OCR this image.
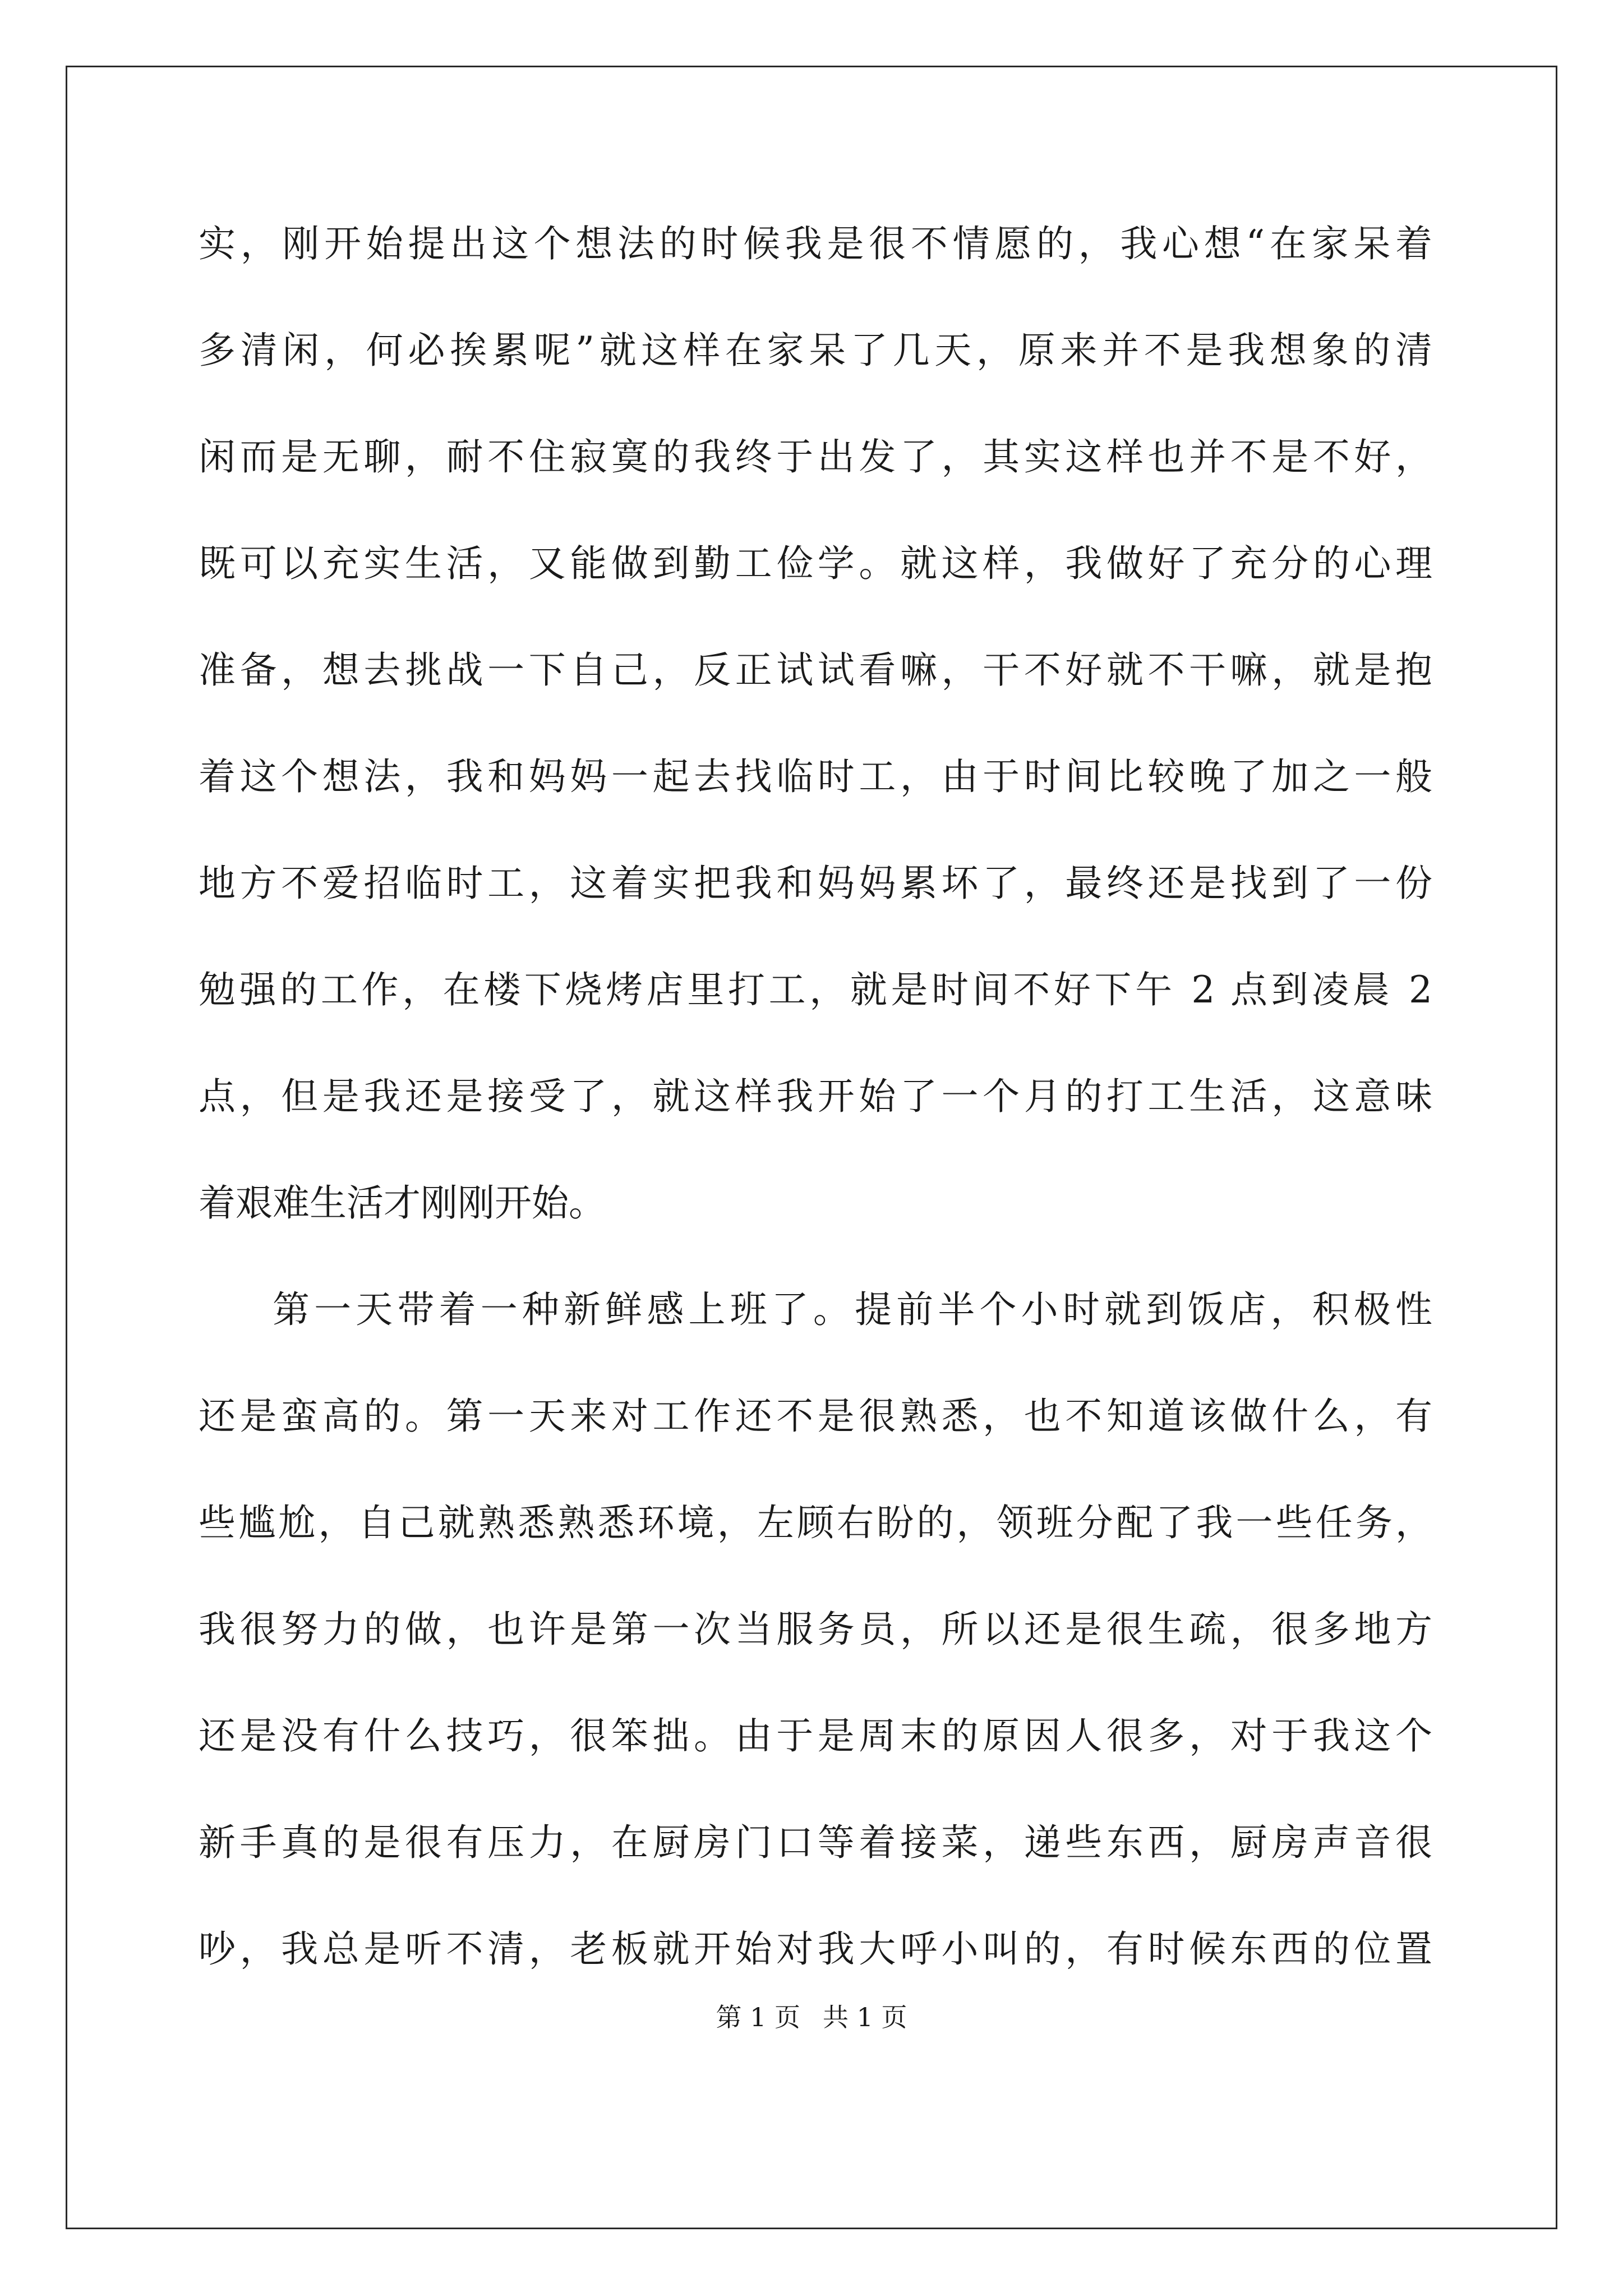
实，刚开始提出这个想法的时候我是很不情愿的，我心想“在家呆着
多清闲，何必挨累呢”就这样在家呆了几天，原来并不是我想象的清
闲而是无聊，耐不住寂寞的我终于出发了，其实这样也并不是不好，
既可以充实生活，又能做到勤工俭学。就这样，我做好了充分的心理
准备，想去挑战一下自己，反正试试看嘛，干不好就不干嘛，就是抱
着这个想法，我和妈妈一起去找临时工，由于时间比较晚了加之一般
地方不爱招临时工，这着实把我和妈妈累坏了，最终还是找到了一份
勉强的工作，在楼下烧烤店里打工，就是时间不好下午 2 点到凌晨 2
点，但是我还是接受了，就这样我开始了一个月的打工生活，这意味
着艰难生活才刚刚开始。
第一天带着一种新鲜感上班了。提前半个小时就到饭店，积极性
还是蛮高的。第一天来对工作还不是很熟悉，也不知道该做什么，有
些尴尬，自己就熟悉熟悉环境，左顾右盼的，领班分配了我一些任务，
我很努力的做，也许是第一次当服务员，所以还是很生疏，很多地方
还是没有什么技巧，很笨拙。由于是周末的原因人很多，对于我这个
新手真的是很有压力，在厨房门口等着接菜，递些东西，厨房声音很
吵，我总是听不清，老板就开始对我大呼小叫的，有时候东西的位置
第 1 页 共 1 页
